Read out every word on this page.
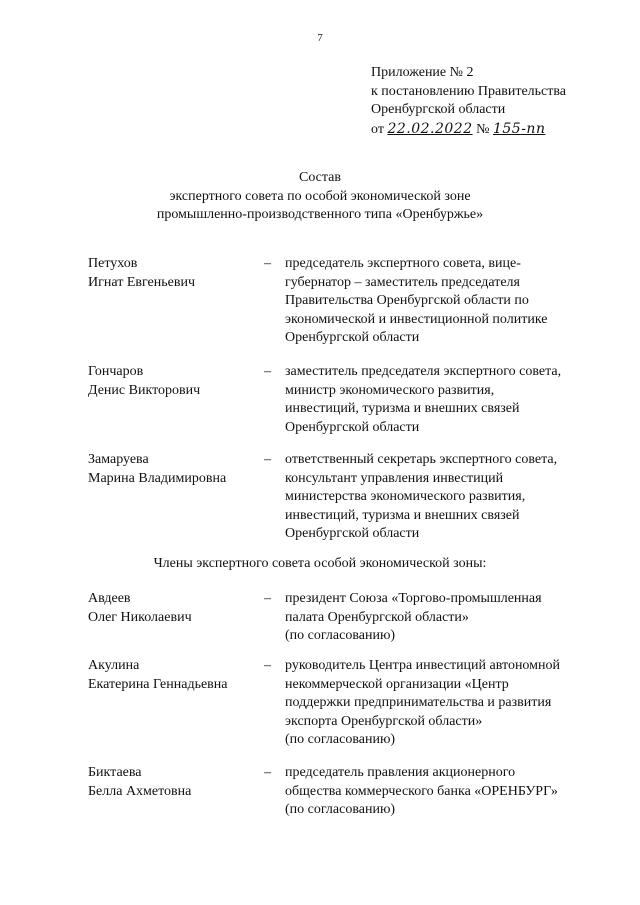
7
Приложение № 2
к постановлению Правительства
Оренбургской области
от 22.02.2022 № 155-пп
Состав
экспертного совета по особой экономической зоне
промышленно-производственного типа «Оренбуржье»
Петухов
Игнат Евгеньевич
– председатель экспертного совета, вице-
губернатор – заместитель председателя
Правительства Оренбургской области по
экономической и инвестиционной политике
Оренбургской области
Гончаров
Денис Викторович
– заместитель председателя экспертного совета,
министр экономического развития,
инвестиций, туризма и внешних связей
Оренбургской области
Замаруева
Марина Владимировна
– ответственный секретарь экспертного совета,
консультант управления инвестиций
министерства экономического развития,
инвестиций, туризма и внешних связей
Оренбургской области
Члены экспертного совета особой экономической зоны:
Авдеев
Олег Николаевич
– президент Союза «Торгово-промышленная
палата Оренбургской области»
(по согласованию)
Акулина
Екатерина Геннадьевна
– руководитель Центра инвестиций автономной
некоммерческой организации «Центр
поддержки предпринимательства и развития
экспорта Оренбургской области»
(по согласованию)
Биктаева
Белла Ахметовна
– председатель правления акционерного
общества коммерческого банка «ОРЕНБУРГ»
(по согласованию)
